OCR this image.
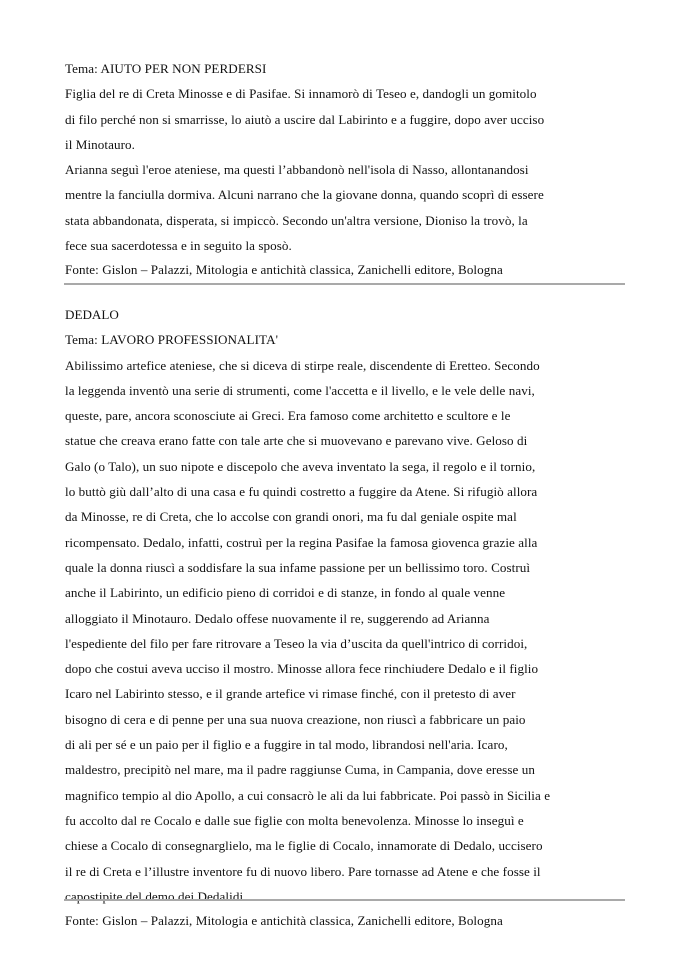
Tema: AIUTO PER NON PERDERSI
Figlia del re di Creta Minosse e di Pasifae. Si innamorò di Teseo e, dandogli un gomitolo
di filo perché non si smarrisse, lo aiutò a uscire dal Labirinto e a fuggire, dopo aver ucciso
il Minotauro.
Arianna seguì l'eroe ateniese, ma questi l’abbandonò nell'isola di Nasso, allontanandosi
mentre la fanciulla dormiva. Alcuni narrano che la giovane donna, quando scoprì di essere
stata abbandonata, disperata, si impiccò. Secondo un'altra versione, Dioniso la trovò, la
fece sua sacerdotessa e in seguito la sposò.
Fonte: Gislon – Palazzi, Mitologia e antichità classica, Zanichelli editore, Bologna
DEDALO
Tema: LAVORO PROFESSIONALITA'
Abilissimo artefice ateniese, che si diceva di stirpe reale, discendente di Eretteo. Secondo
la leggenda inventò una serie di strumenti, come l'accetta e il livello, e le vele delle navi,
queste, pare, ancora sconosciute ai Greci. Era famoso come architetto e scultore e le
statue che creava erano fatte con tale arte che si muovevano e parevano vive. Geloso di
Galo (o Talo), un suo nipote e discepolo che aveva inventato la sega, il regolo e il tornio,
lo buttò giù dall’alto di una casa e fu quindi costretto a fuggire da Atene. Si rifugiò allora
da Minosse, re di Creta, che lo accolse con grandi onori, ma fu dal geniale ospite mal
ricompensato. Dedalo, infatti, costruì per la regina Pasifae la famosa giovenca grazie alla
quale la donna riuscì a soddisfare la sua infame passione per un bellissimo toro. Costruì
anche il Labirinto, un edificio pieno di corridoi e di stanze, in fondo al quale venne
alloggiato il Minotauro. Dedalo offese nuovamente il re, suggerendo ad Arianna
l'espediente del filo per fare ritrovare a Teseo la via d’uscita da quell'intrico di corridoi,
dopo che costui aveva ucciso il mostro. Minosse allora fece rinchiudere Dedalo e il figlio
Icaro nel Labirinto stesso, e il grande artefice vi rimase finché, con il pretesto di aver
bisogno di cera e di penne per una sua nuova creazione, non riuscì a fabbricare un paio
di ali per sé e un paio per il figlio e a fuggire in tal modo, librandosi nell'aria. Icaro,
maldestro, precipitò nel mare, ma il padre raggiunse Cuma, in Campania, dove eresse un
magnifico tempio al dio Apollo, a cui consacrò le ali da lui fabbricate. Poi passò in Sicilia e
fu accolto dal re Cocalo e dalle sue figlie con molta benevolenza. Minosse lo inseguì e
chiese a Cocalo di consegnarglielo, ma le figlie di Cocalo, innamorate di Dedalo, uccisero
il re di Creta e l’illustre inventore fu di nuovo libero. Pare tornasse ad Atene e che fosse il
capostipite del demo dei Dedalidi.
Fonte: Gislon – Palazzi, Mitologia e antichità classica, Zanichelli editore, Bologna
